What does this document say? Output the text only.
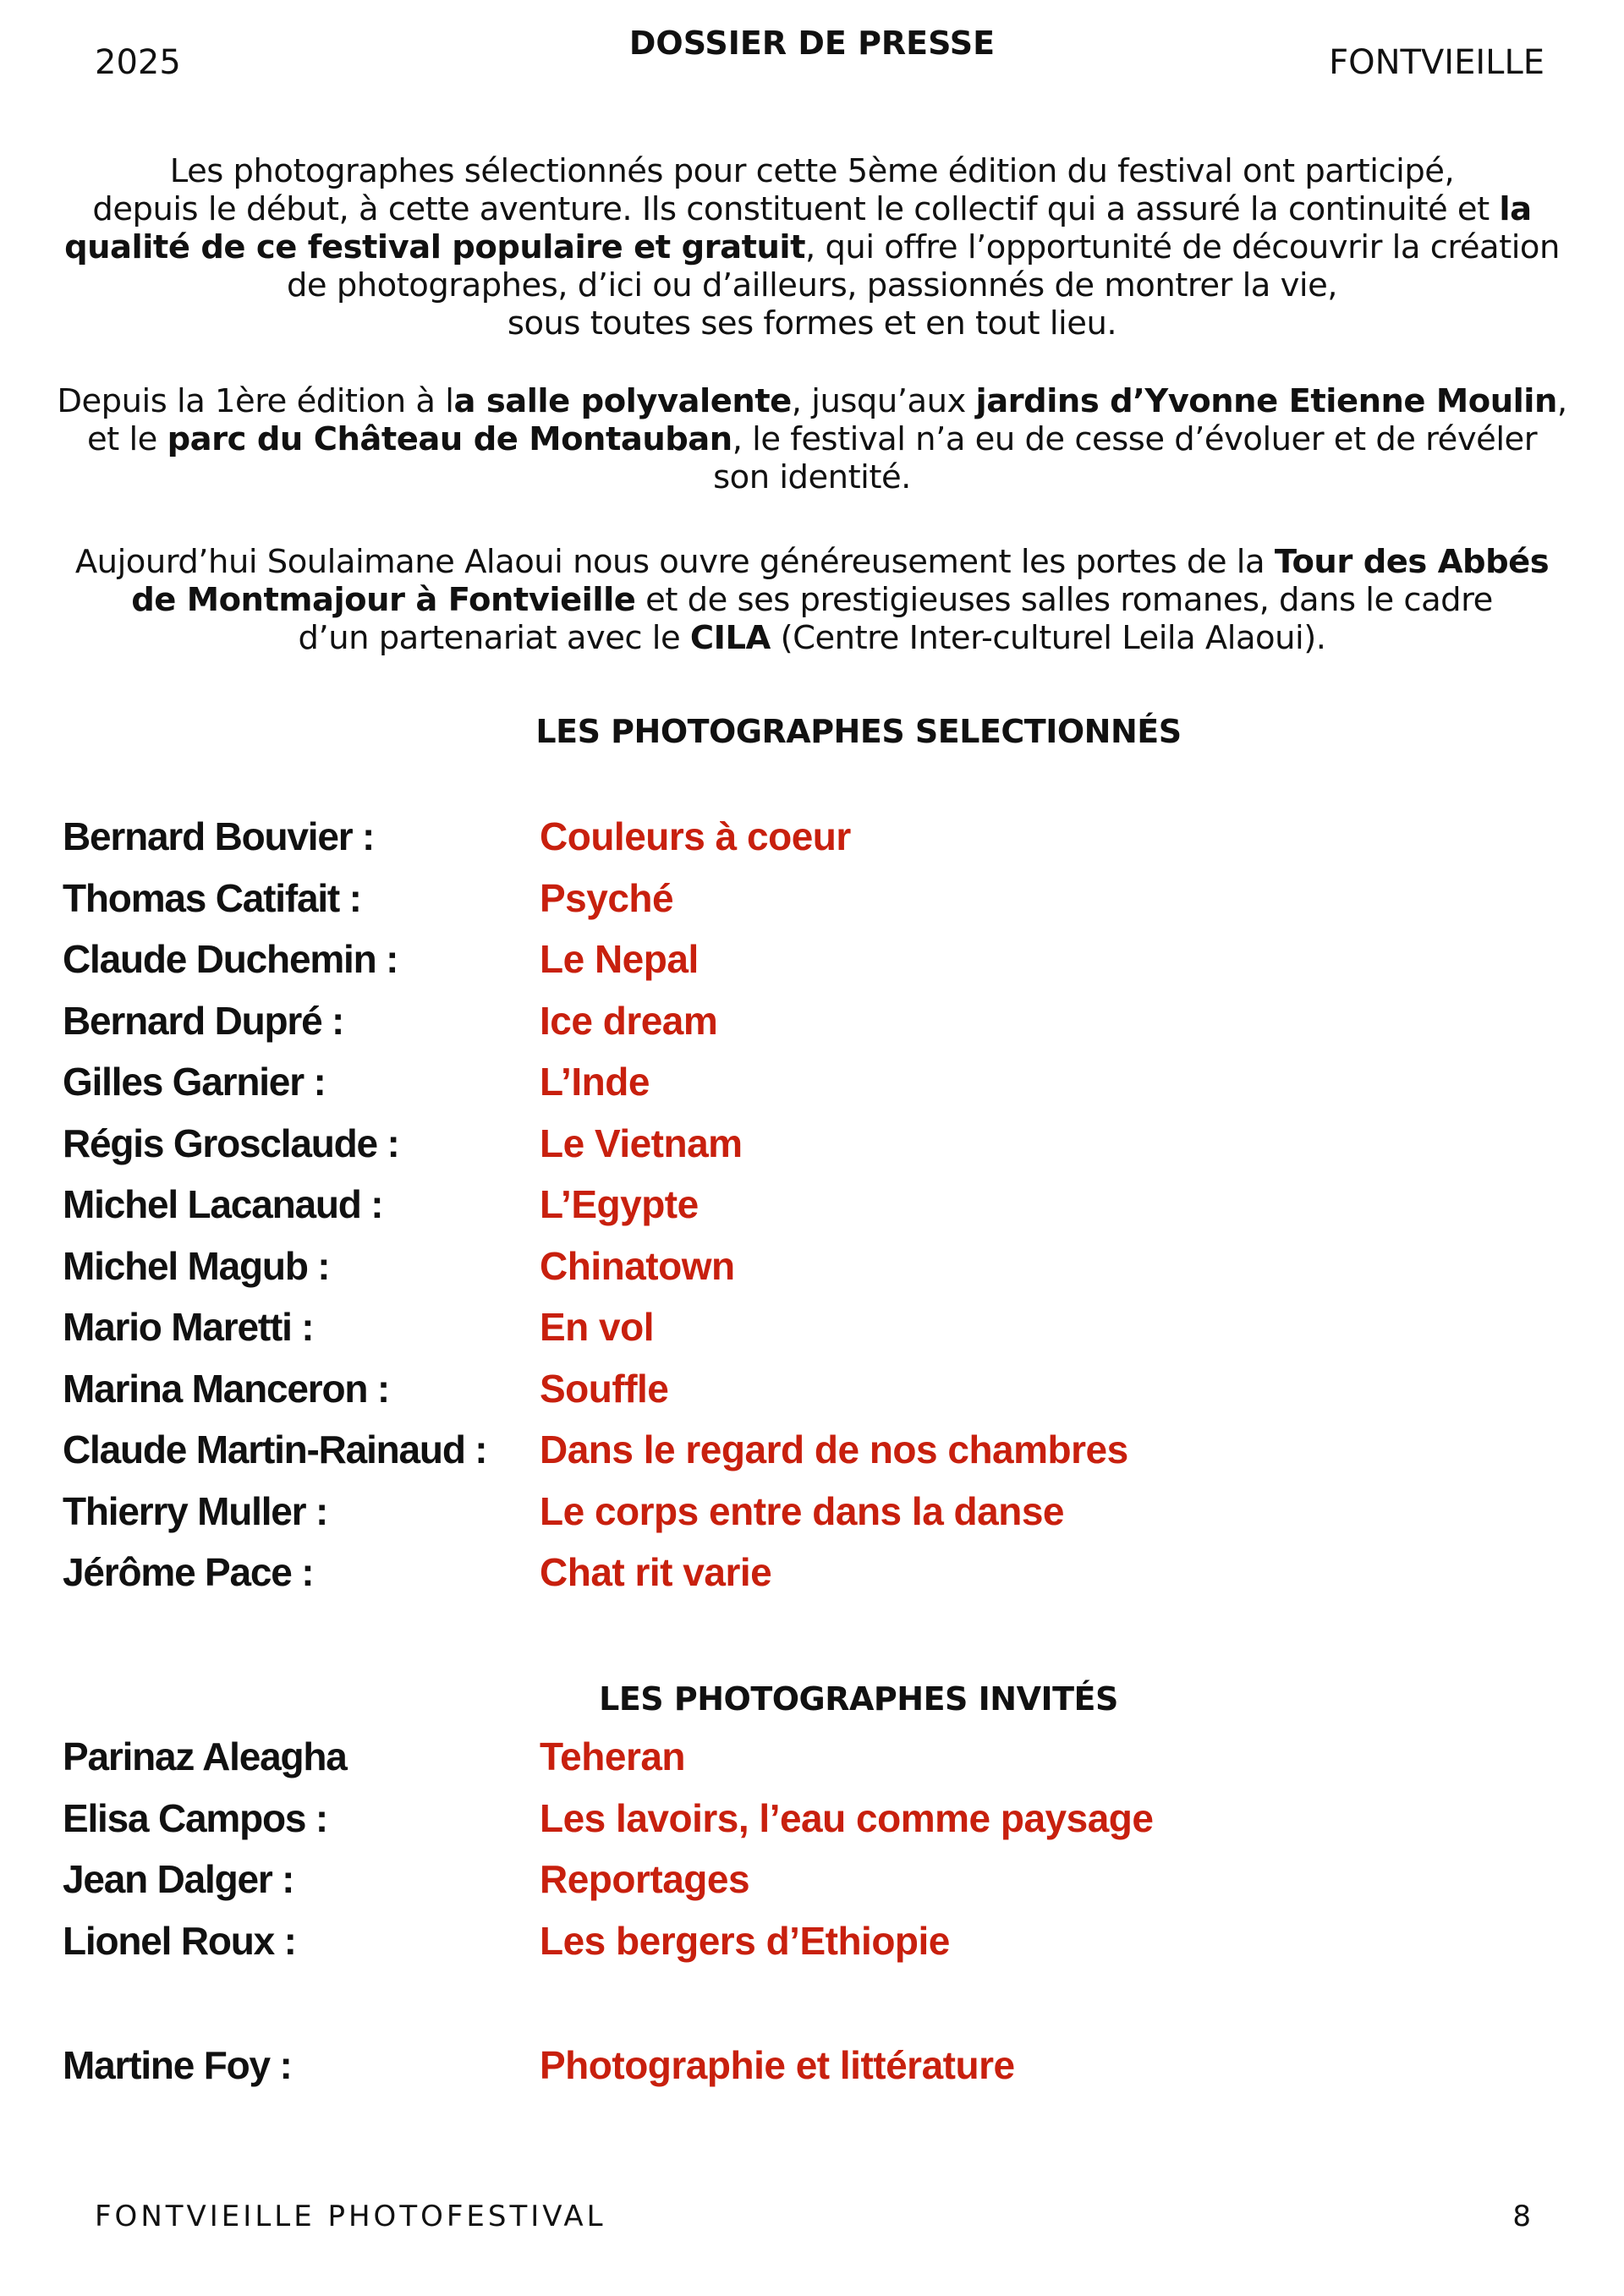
2025	DOSSIER DE PRESSE	FONTVIEILLE
Les photographes sélectionnés pour cette 5ème édition du festival ont participé,
depuis le début, à cette aventure. Ils constituent le collectif qui a assuré la continuité et la
qualité de ce festival populaire et gratuit, qui offre l’opportunité de découvrir la création
de photographes, d’ici ou d’ailleurs, passionnés de montrer la vie,
sous toutes ses formes et en tout lieu.
Depuis la 1ère édition à la salle polyvalente, jusqu’aux jardins d’Yvonne Etienne Moulin,
et le parc du Château de Montauban, le festival n’a eu de cesse d’évoluer et de révéler
son identité.
Aujourd’hui Soulaimane Alaoui nous ouvre généreusement les portes de la Tour des Abbés
de Montmajour à Fontvieille et de ses prestigieuses salles romanes, dans le cadre
d’un partenariat avec le CILA (Centre Inter-culturel Leila Alaoui).
LES PHOTOGRAPHES SELECTIONNÉS
Bernard Bouvier :	Couleurs à coeur
Thomas Catifait :	Psyché
Claude Duchemin :	Le Nepal
Bernard Dupré :	Ice dream
Gilles Garnier :	L’Inde
Régis Grosclaude :	Le Vietnam
Michel Lacanaud :	L’Egypte
Michel Magub :	Chinatown
Mario Maretti :	En vol
Marina Manceron :	Souffle
Claude Martin-Rainaud : Dans le regard de nos chambres
Thierry Muller :	Le corps entre dans la danse
Jérôme Pace :	Chat rit varie
LES PHOTOGRAPHES INVITÉS
Parinaz Aleagha	Teheran
Elisa Campos :	Les lavoirs, l’eau comme paysage
Jean Dalger :	Reportages
Lionel Roux :	Les bergers d’Ethiopie
Martine Foy :	Photographie et littérature
FONTVIEILLE PHOTOFESTIVAL	8
